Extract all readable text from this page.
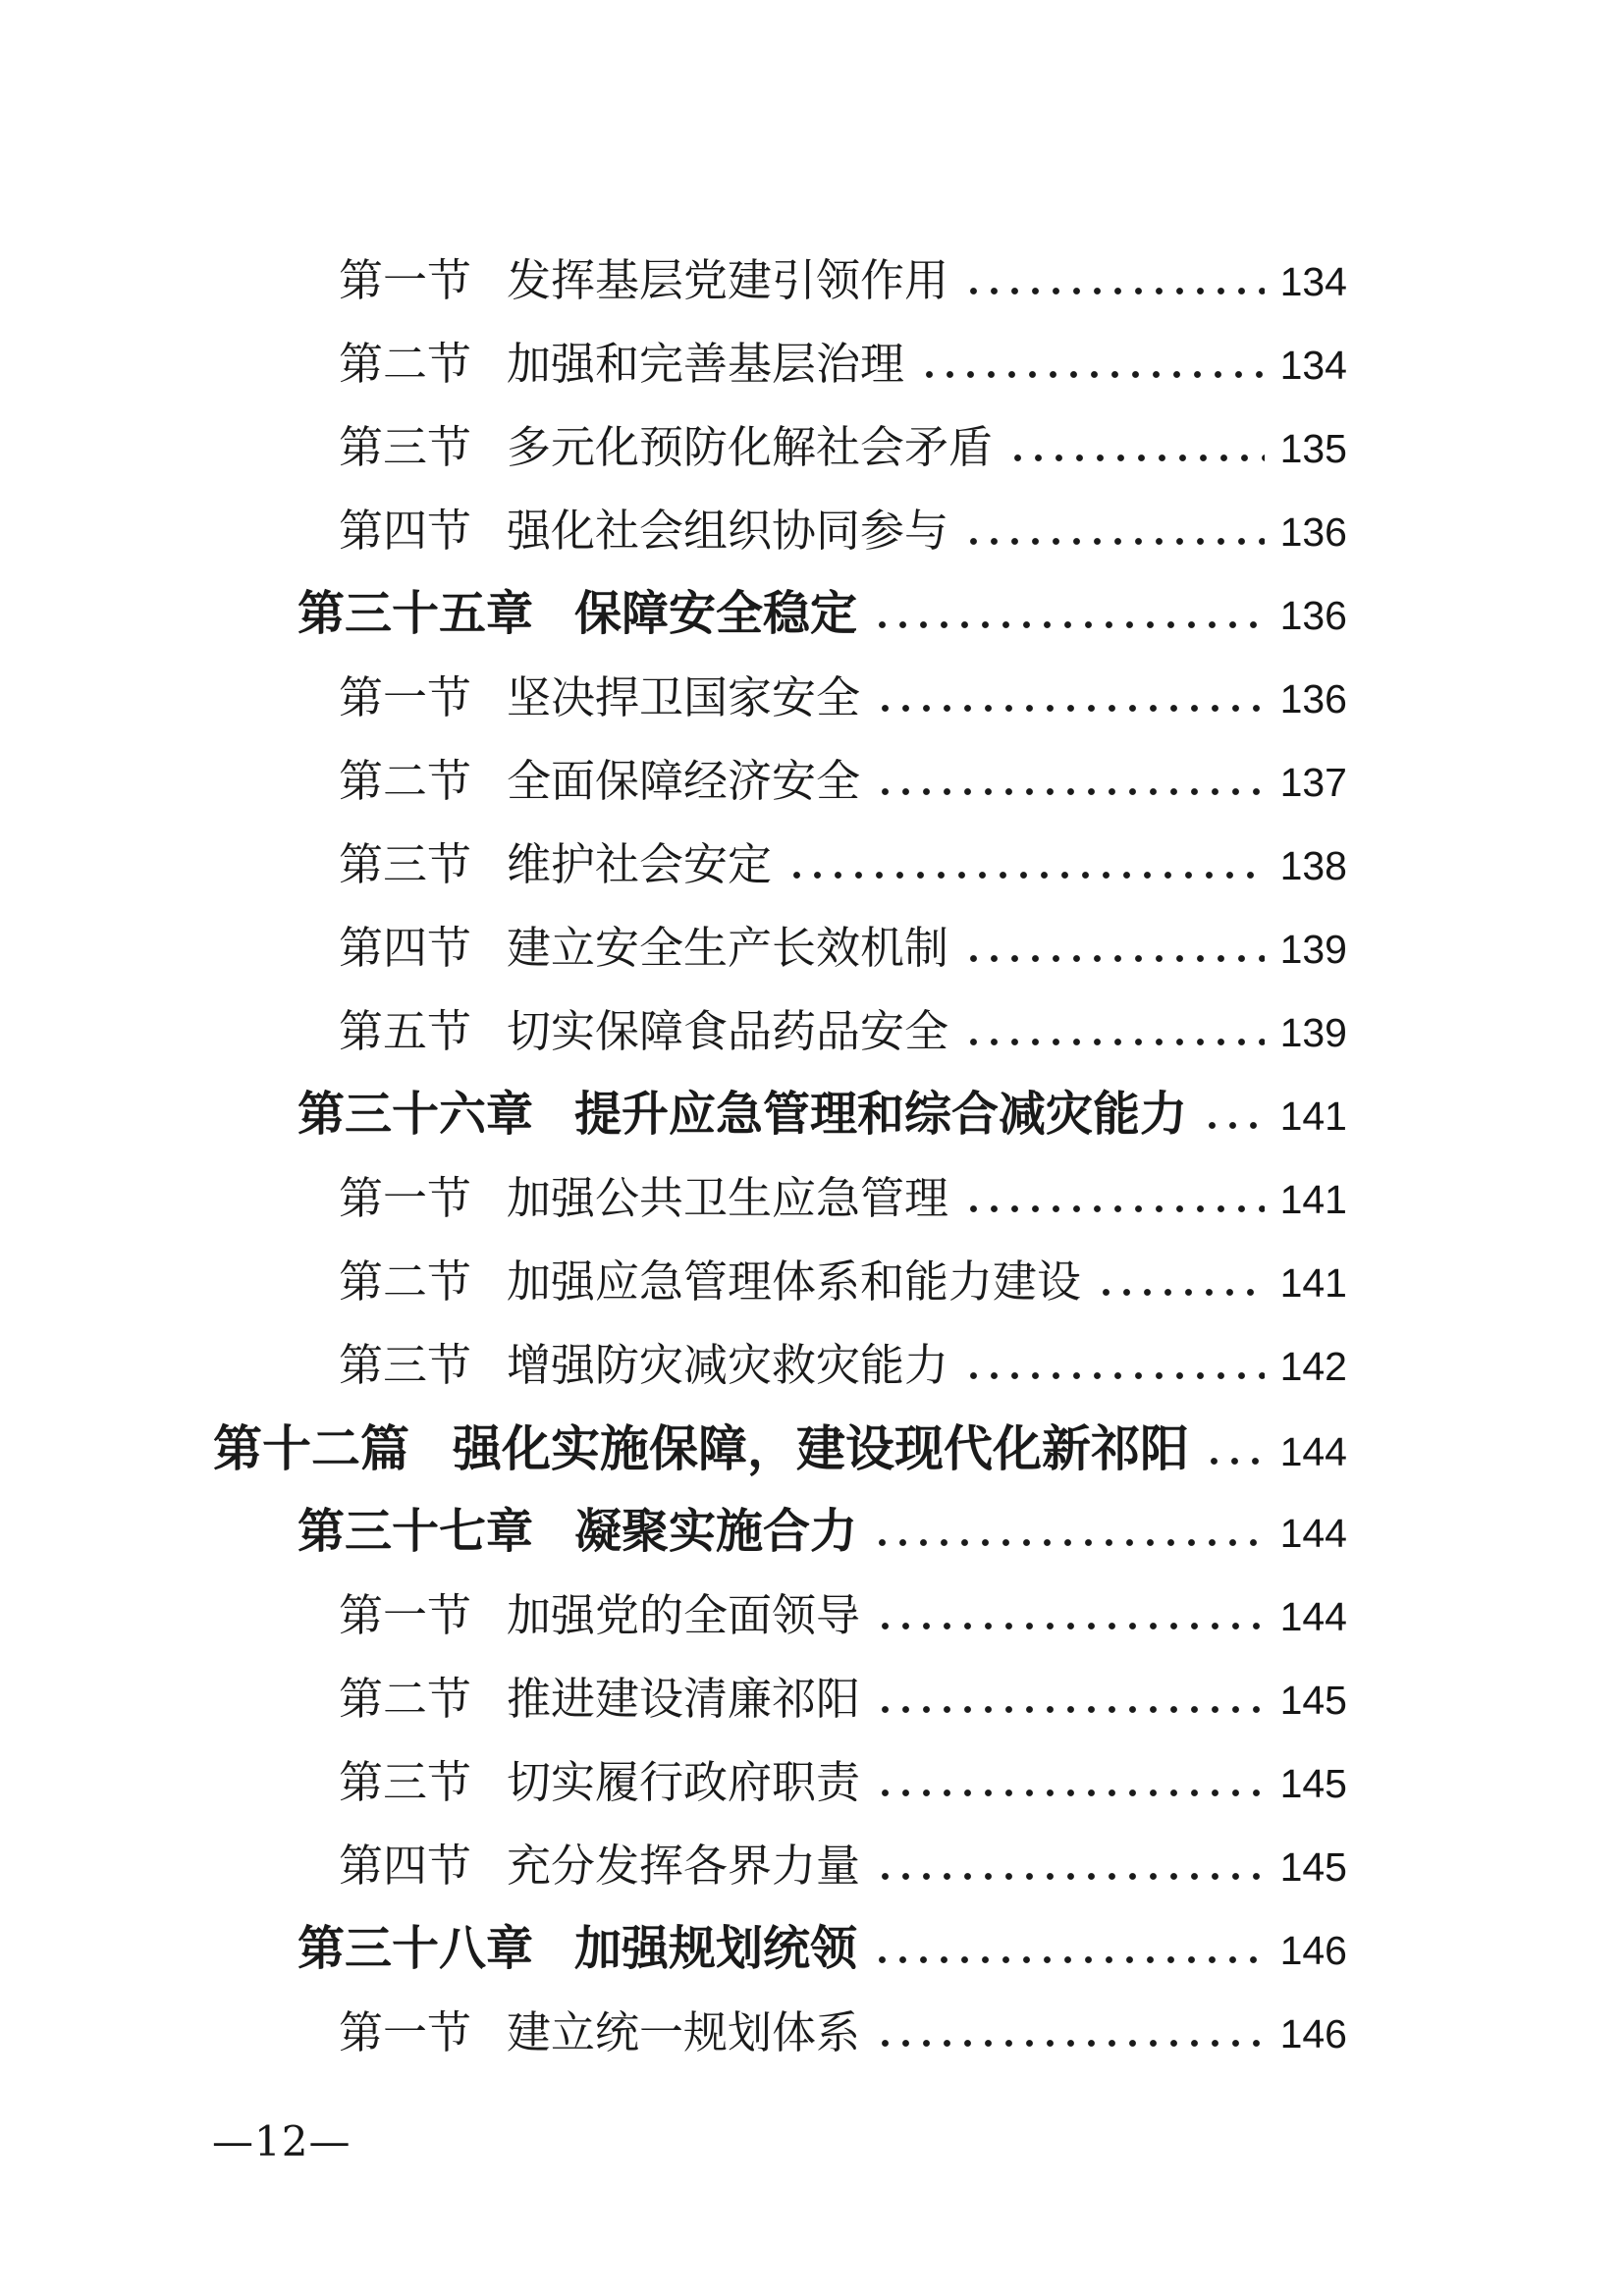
第一节 发挥基层党建引领作用	134
第二节 加强和完善基层治理	134
第三节 多元化预防化解社会矛盾	135
第四节 强化社会组织协同参与	136
第三十五章 保障安全稳定	136
第一节 坚决捍卫国家安全	136
第二节 全面保障经济安全	137
第三节 维护社会安定	138
第四节 建立安全生产长效机制	139
第五节 切实保障食品药品安全	139
第三十六章 提升应急管理和综合减灾能力 141
第一节 加强公共卫生应急管理	141
第二节 加强应急管理体系和能力建设	141
第三节 增强防灾减灾救灾能力	142
第十二篇 强化实施保障，建设现代化新祁阳 144
第三十七章 凝聚实施合力	144
第一节 加强党的全面领导	144
第二节 推进建设清廉祁阳	145
第三节 切实履行政府职责	145
第四节 充分发挥各界力量	145
第三十八章 加强规划统领	146
第一节 建立统一规划体系	146
—12—
